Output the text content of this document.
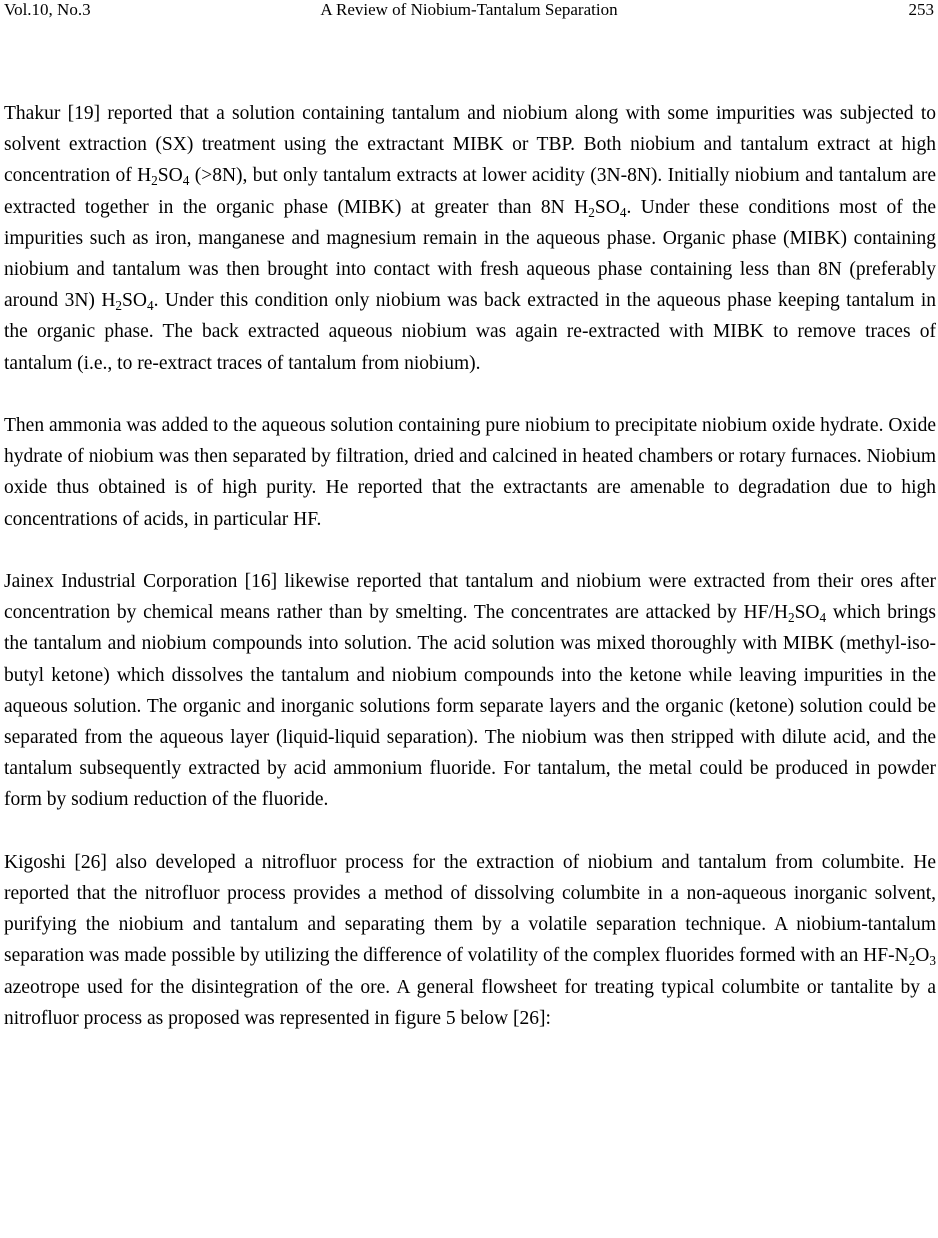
Vol.10, No.3	A Review of Niobium-Tantalum Separation	253

Thakur [19] reported that a solution containing tantalum and niobium along with some impurities was subjected to solvent extraction (SX) treatment using the extractant MIBK or TBP. Both niobium and tantalum extract at high concentration of $H_2SO_4$ (>8N), but only tantalum extracts at lower acidity (3N-8N). Initially niobium and tantalum are extracted together in the organic phase (MIBK) at greater than 8N $H_2SO_4$. Under these conditions most of the impurities such as iron, manganese and magnesium remain in the aqueous phase. Organic phase (MIBK) containing niobium and tantalum was then brought into contact with fresh aqueous phase containing less than 8N (preferably around 3N) $H_2SO_4$. Under this condition only niobium was back extracted in the aqueous phase keeping tantalum in the organic phase. The back extracted aqueous niobium was again re-extracted with MIBK to remove traces of tantalum (i.e., to re-extract traces of tantalum from niobium).

Then ammonia was added to the aqueous solution containing pure niobium to precipitate niobium oxide hydrate. Oxide hydrate of niobium was then separated by filtration, dried and calcined in heated chambers or rotary furnaces. Niobium oxide thus obtained is of high purity. He reported that the extractants are amenable to degradation due to high concentrations of acids, in particular HF.

Jainex Industrial Corporation [16] likewise reported that tantalum and niobium were extracted from their ores after concentration by chemical means rather than by smelting. The concentrates are attacked by $HF/H_2SO_4$ which brings the tantalum and niobium compounds into solution. The acid solution was mixed thoroughly with MIBK (methyl-iso-butyl ketone) which dissolves the tantalum and niobium compounds into the ketone while leaving impurities in the aqueous solution. The organic and inorganic solutions form separate layers and the organic (ketone) solution could be separated from the aqueous layer (liquid-liquid separation). The niobium was then stripped with dilute acid, and the tantalum subsequently extracted by acid ammonium fluoride. For tantalum, the metal could be produced in powder form by sodium reduction of the fluoride.

Kigoshi [26] also developed a nitrofluor process for the extraction of niobium and tantalum from columbite. He reported that the nitrofluor process provides a method of dissolving columbite in a non-aqueous inorganic solvent, purifying the niobium and tantalum and separating them by a volatile separation technique. A niobium-tantalum separation was made possible by utilizing the difference of volatility of the complex fluorides formed with an $HF-N_2O_3$ azeotrope used for the disintegration of the ore. A general flowsheet for treating typical columbite or tantalite by a nitrofluor process as proposed was represented in figure 5 below [26]:
